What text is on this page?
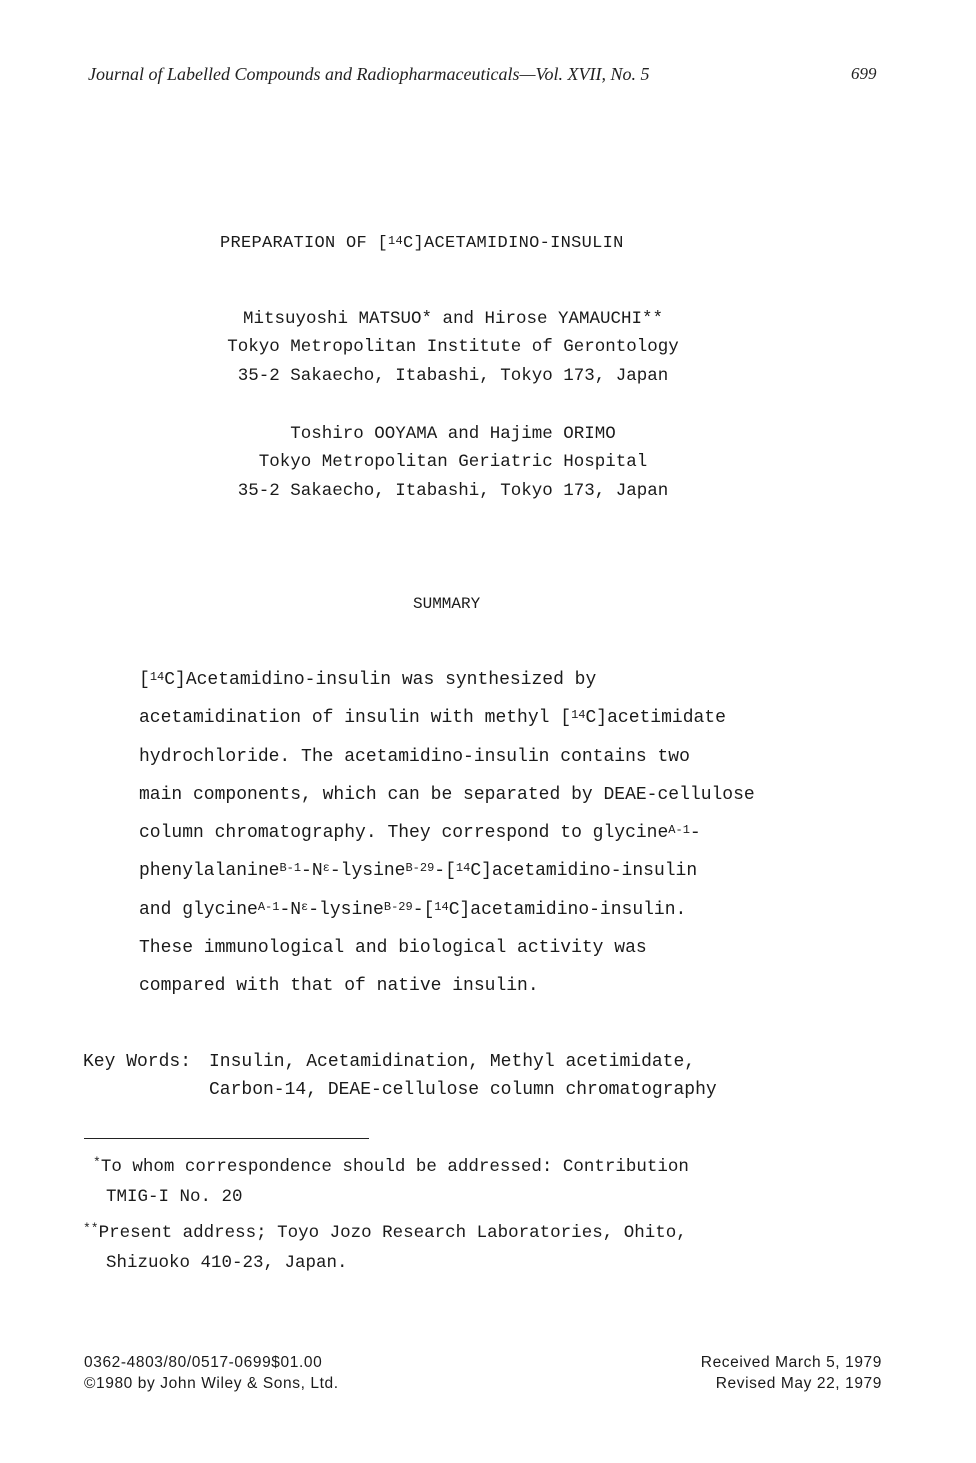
Journal of Labelled Compounds and Radiopharmaceuticals—Vol. XVII, No. 5	699
PREPARATION OF [$^{14}$C]ACETAMIDINO-INSULIN
Mitsuyoshi MATSUO* and Hirose YAMAUCHI**
Tokyo Metropolitan Institute of Gerontology
35-2 Sakaecho, Itabashi, Tokyo 173, Japan
Toshiro OOYAMA and Hajime ORIMO
Tokyo Metropolitan Geriatric Hospital
35-2 Sakaecho, Itabashi, Tokyo 173, Japan
SUMMARY
[$^{14}$C]Acetamidino-insulin was synthesized by
acetamidination of insulin with methyl [$^{14}$C]acetimidate
hydrochloride. The acetamidino-insulin contains two
main components, which can be separated by DEAE-cellulose
column chromatography. They correspond to glycine$^{A-1}$-
$phenylalanine^{B-1}-N^\varepsilon-lysine^{B-29}-[^{14}C]acetamidino$-insulin
and $glycine^{A-1}-N^\varepsilon-lysine^{B-29}-[^{14}C]acetamidino$-insulin.
These immunological and biological activity was
compared with that of native insulin.
Key Words: Insulin, Acetamidination, Methyl acetimidate,
Carbon-14, DEAE-cellulose column chromatography
*To whom correspondence should be addressed: Contribution
TMIG-I No. 20
**Present address; Toyo Jozo Research Laboratories, Ohito,
Shizuoko 410-23, Japan.
0362-4803/80/0517-0699$01.00
©1980 by John Wiley & Sons, Ltd.
Received March 5, 1979
Revised May 22, 1979
